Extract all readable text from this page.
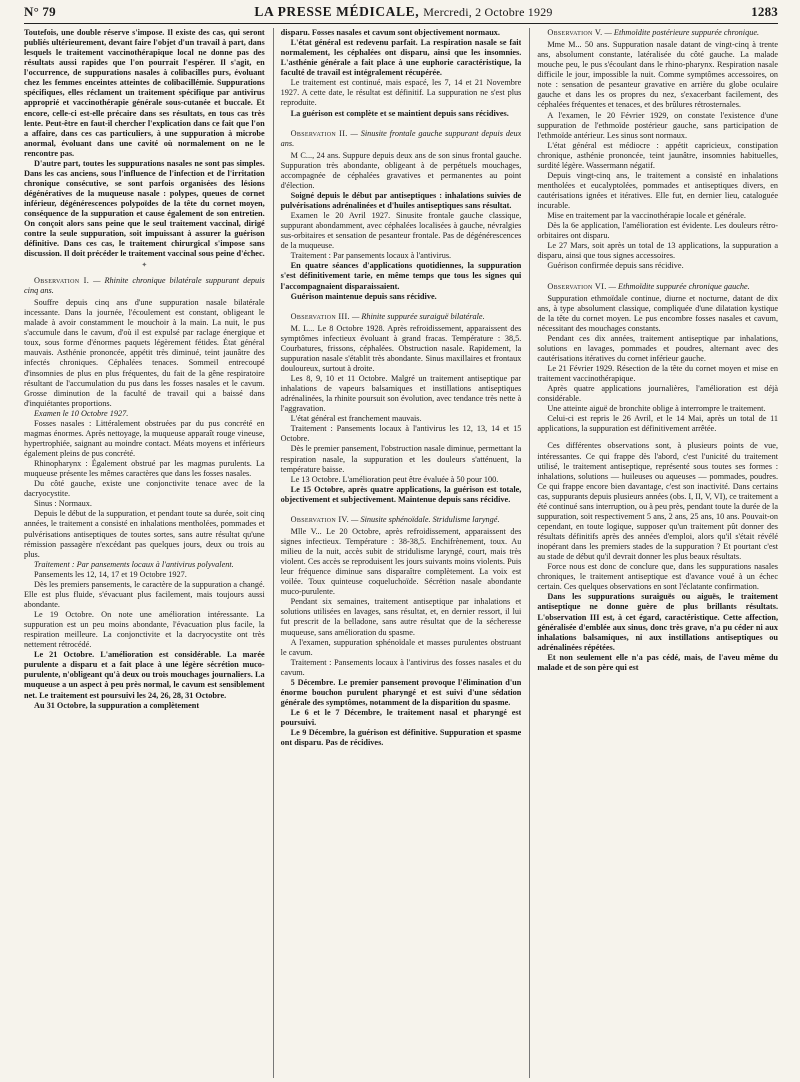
N° 79	LA PRESSE MÉDICALE, Mercredi, 2 Octobre 1929	1283

Toutefois, une double réserve s'impose. Il existe des cas, qui seront publiés ultérieurement, devant faire l'objet d'un travail à part, dans lesquels le traitement vaccinothérapique local ne donne pas des résultats aussi rapides que l'on pourrait l'espérer. Il s'agit, en l'occurrence, de suppurations nasales à colibacilles purs, évoluant chez les femmes enceintes atteintes de colibacillémie. Suppurations spécifiques, elles réclament un traitement spécifique par antivirus approprié et vaccinothérapie générale sous-cutanée et buccale. Et encore, celle-ci est-elle précaire dans ses résultats, en tous cas très lente. Peut-être en faut-il chercher l'explication dans ce fait que l'on a affaire, dans ces cas particuliers, à une suppuration à microbe anormal, évoluant dans une cavité où normalement on ne le rencontre pas.

D'autre part, toutes les suppurations nasales ne sont pas simples. Dans les cas anciens, sous l'influence de l'infection et de l'irritation chronique consécutive, se sont parfois organisées des lésions dégénératives de la muqueuse nasale : polypes, queues de cornet inférieur, dégénérescences polypoïdes de la tête du cornet moyen, conséquence de la suppuration et cause également de son entretien. On conçoit alors sans peine que le seul traitement vaccinal, dirigé contre la seule suppuration, soit impuissant à assurer la guérison définitive. Dans ces cas, le traitement chirurgical s'impose sans discussion. Il doit précéder le traitement vaccinal sous peine d'échec.

✦
Observation I. — Rhinite chronique bilatérale suppurant depuis cinq ans.

Souffre depuis cinq ans d'une suppuration nasale bilatérale incessante. Dans la journée, l'écoulement est constant, obligeant le malade à avoir constamment le mouchoir à la main. La nuit, le pus s'accumule dans le cavum, d'où il est expulsé par raclage énergique et toux, sous forme d'énormes paquets légèrement fétides. État général mauvais. Asthénie prononcée, appétit très diminué, teint jaunâtre des infectés chroniques. Céphalées tenaces. Sommeil entrecoupé d'insomnies de plus en plus fréquentes, du fait de la gêne respiratoire résultant de l'accumulation du pus dans les fosses nasales et le cavum. Grosse diminution de la faculté de travail qui a baissé dans d'inquiétantes proportions.

Examen le 10 Octobre 1927.

Fosses nasales : Littéralement obstruées par du pus concrété en magmas énormes. Après nettoyage, la muqueuse apparaît rouge vineuse, hypertrophiée, saignant au moindre contact. Méats moyens et inférieurs également pleins de pus concrété.

Rhinopharynx : Également obstrué par les magmas purulents. La muqueuse présente les mêmes caractères que dans les fosses nasales.

Du côté gauche, existe une conjonctivite tenace avec de la dacryocystite.

Sinus : Normaux.

Depuis le début de la suppuration, et pendant toute sa durée, soit cinq années, le traitement a consisté en inhalations mentholées, pommades et pulvérisations antiseptiques de toutes sortes, sans autre résultat qu'une rémission passagère n'excédant pas quelques jours, deux ou trois au plus.

Traitement : Par pansements locaux à l'antivirus polyvalent.

Pansements les 12, 14, 17 et 19 Octobre 1927.

Dès les premiers pansements, le caractère de la suppuration a changé. Elle est plus fluide, s'évacuant plus facilement, mais toujours aussi abondante.

Le 19 Octobre. On note une amélioration intéressante. La suppuration est un peu moins abondante, l'évacuation plus facile, la respiration meilleure. La conjonctivite et la dacryocystite ont très nettement rétrocédé.

Le 21 Octobre. L'amélioration est considérable. La marée purulente a disparu et a fait place à une légère sécrétion muco-purulente, n'obligeant qu'à deux ou trois mouchages journaliers. La muqueuse a un aspect à peu près normal, le cavum est sensiblement net. Le traitement est poursuivi les 24, 26, 28, 31 Octobre.

Au 31 Octobre, la suppuration a complètement

disparu. Fosses nasales et cavum sont objectivement normaux.

L'état général est redevenu parfait. La respiration nasale se fait normalement, les céphalées ont disparu, ainsi que les insomnies. L'asthénie générale a fait place à une euphorie caractéristique, la faculté de travail est intégralement récupérée.

Le traitement est continué, mais espacé, les 7, 14 et 21 Novembre 1927. A cette date, le résultat est définitif. La suppuration ne s'est plus reproduite.

La guérison est complète et se maintient depuis sans récidives.

Observation II. — Sinusite frontale gauche suppurant depuis deux ans.

M C..., 24 ans. Suppure depuis deux ans de son sinus frontal gauche. Suppuration très abondante, obligeant à de perpétuels mouchages, accompagnée de céphalées gravatives et permanentes au point d'élection.

Soigné depuis le début par antiseptiques : inhalations suivies de pulvérisations adrénalinées et d'huiles antiseptiques sans résultat.

Examen le 20 Avril 1927. Sinusite frontale gauche classique, suppurant abondamment, avec céphalées localisées à gauche, névralgies sus-orbitaires et sensation de pesanteur frontale. Pas de dégénérescences de la muqueuse.

Traitement : Par pansements locaux à l'antivirus.

En quatre séances d'applications quotidiennes, la suppuration s'est définitivement tarie, en même temps que tous les signes qui l'accompagnaient disparaissaient.

Guérison maintenue depuis sans récidive.

Observation III. — Rhinite suppurée suraiguë bilatérale.

M. L... Le 8 Octobre 1928. Après refroidissement, apparaissent des symptômes infectieux évoluant à grand fracas. Température : 38,5. Courbatures, frissons, céphalées. Obstruction nasale. Rapidement, la suppuration nasale s'établit très abondante. Sinus maxillaires et frontaux douloureux, surtout à droite.

Les 8, 9, 10 et 11 Octobre. Malgré un traitement antiseptique par inhalations de vapeurs balsamiques et instillations antiseptiques adrénalinées, la rhinite poursuit son évolution, avec tendance très nette à l'aggravation.

L'état général est franchement mauvais.

Traitement : Pansements locaux à l'antivirus les 12, 13, 14 et 15 Octobre.

Dès le premier pansement, l'obstruction nasale diminue, permettant la respiration nasale, la suppuration et les douleurs s'atténuent, la température baisse.

Le 13 Octobre. L'amélioration peut être évaluée à 50 pour 100.

Le 15 Octobre, après quatre applications, la guérison est totale, objectivement et subjectivement. Maintenue depuis sans récidive.

Observation IV. — Sinusite sphénoïdale. Stridulisme laryngé.

Mlle V... Le 20 Octobre, après refroidissement, apparaissent des signes infectieux. Température : 38-38,5. Enchifrènement, toux. Au milieu de la nuit, accès subit de stridulisme laryngé, court, mais très violent. Ces accès se reproduisent les jours suivants moins violents. Puis leur fréquence diminue sans disparaître complètement. La voix est voilée. Toux quinteuse coqueluchoïde. Sécrétion nasale abondante muco-purulente.

Pendant six semaines, traitement antiseptique par inhalations et solutions utilisées en lavages, sans résultat, et, en dernier ressort, il lui fut prescrit de la belladone, sans autre résultat que de la sécheresse muqueuse, sans amélioration du spasme.

A l'examen, suppuration sphénoïdale et masses purulentes obstruant le cavum.

Traitement : Pansements locaux à l'antivirus des fosses nasales et du cavum.

5 Décembre. Le premier pansement provoque l'élimination d'un énorme bouchon purulent pharyngé et est suivi d'une sédation générale des symptômes, notamment de la disparition du spasme.

Le 6 et le 7 Décembre, le traitement nasal et pharyngé est poursuivi.

Le 9 Décembre, la guérison est définitive. Suppuration et spasme ont disparu. Pas de récidives.

Observation V. — Ethmoïdite postérieure suppurée chronique.

Mme M... 50 ans. Suppuration nasale datant de vingt-cinq à trente ans, absolument constante, latéralisée du côté gauche. La malade mouche peu, le pus s'écoulant dans le rhino-pharynx. Respiration nasale difficile le jour, impossible la nuit. Comme symptômes accessoires, on note : sensation de pesanteur gravative en arrière du globe oculaire gauche et dans les os propres du nez, s'exacerbant facilement, des céphalées fréquentes et tenaces, et des brûlures rétrosternales.

A l'examen, le 20 Février 1929, on constate l'existence d'une suppuration de l'ethmoïde postérieur gauche, sans participation de l'ethmoïde antérieur. Les sinus sont normaux.

L'état général est médiocre : appétit capricieux, constipation chronique, asthénie prononcée, teint jaunâtre, insomnies habituelles, surdité légère. Wassermann négatif.

Depuis vingt-cinq ans, le traitement a consisté en inhalations mentholées et eucalyptolées, pommades et antiseptiques divers, en cautérisations ignées et itératives. Elle fut, en dernier lieu, cataloguée incurable.

Mise en traitement par la vaccinothérapie locale et générale.

Dès la 6e application, l'amélioration est évidente. Les douleurs rétro-orbitaires ont disparu.

Le 27 Mars, soit après un total de 13 applications, la suppuration a disparu, ainsi que tous signes accessoires.

Guérison confirmée depuis sans récidive.

Observation VI. — Ethmoïdite suppurée chronique gauche.

Suppuration ethmoïdale continue, diurne et nocturne, datant de dix ans, à type absolument classique, compliquée d'une dilatation kystique de la tête du cornet moyen. Le pus encombre fosses nasales et cavum, nécessitant des mouchages constants.

Pendant ces dix années, traitement antiseptique par inhalations, solutions en lavages, pommades et poudres, alternant avec des cautérisations itératives du cornet inférieur gauche.

Le 21 Février 1929. Résection de la tête du cornet moyen et mise en traitement vaccinothérapique.

Après quatre applications journalières, l'amélioration est déjà considérable.

Une atteinte aiguë de bronchite oblige à interrompre le traitement.

Celui-ci est repris le 26 Avril, et le 14 Mai, après un total de 11 applications, la suppuration est définitivement arrêtée.

Ces différentes observations sont, à plusieurs points de vue, intéressantes. Ce qui frappe dès l'abord, c'est l'unicité du traitement utilisé, le traitement antiseptique, représenté sous toutes ses formes : inhalations, solutions — huileuses ou aqueuses — pommades, poudres. Ce qui frappe encore bien davantage, c'est son inactivité. Dans certains cas, suppurants depuis plusieurs années (obs. I, II, V, VI), ce traitement a été continué sans interruption, ou à peu près, pendant toute la durée de la suppuration, soit respectivement 5 ans, 2 ans, 25 ans, 10 ans. Pouvait-on cependant, en toute logique, supposer qu'un traitement pût donner des résultats définitifs après des années d'emploi, alors qu'il s'était révélé inopérant dans les premiers stades de la suppuration ? Et pourtant c'est au stade de début qu'il devrait donner les plus beaux résultats.

Force nous est donc de conclure que, dans les suppurations nasales chroniques, le traitement antiseptique est d'avance voué à un échec certain. Ces quelques observations en sont l'éclatante confirmation.

Dans les suppurations suraiguës ou aiguës, le traitement antiseptique ne donne guère de plus brillants résultats. L'observation III est, à cet égard, caractéristique. Cette affection, généralisée d'emblée aux sinus, donc très grave, n'a pu céder ni aux inhalations balsamiques, ni aux instillations antiseptiques ou adrénalinées répétées.

Et non seulement elle n'a pas cédé, mais, de l'aveu même du malade et de son père qui est
